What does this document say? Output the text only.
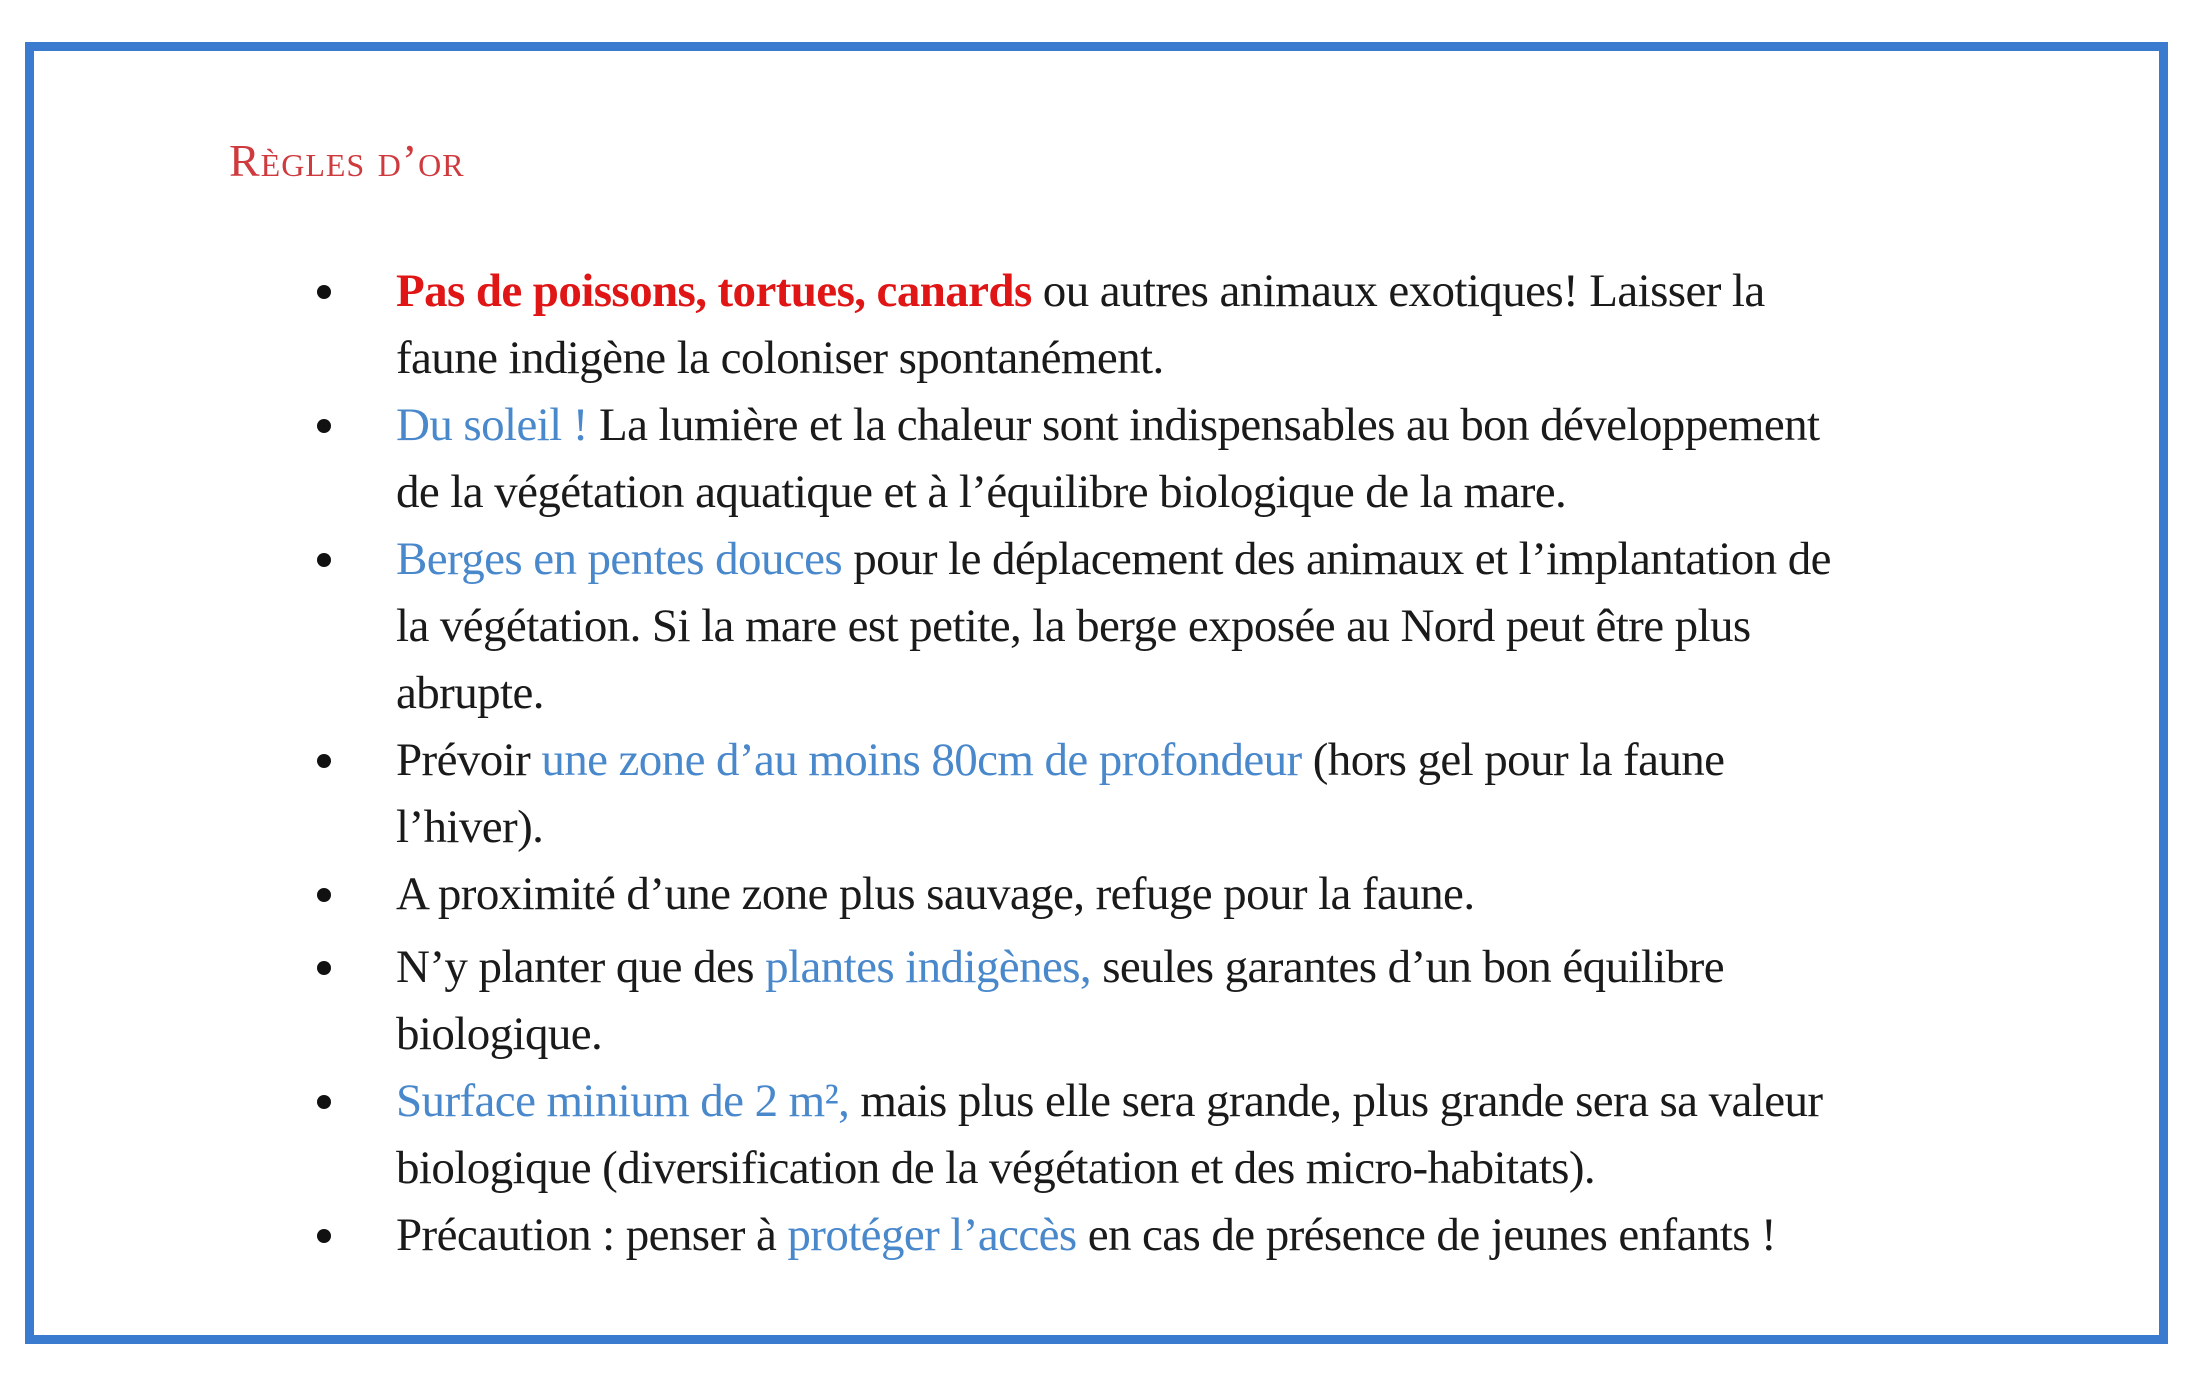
Règles d’or
Pas de poissons, tortues, canards ou autres animaux exotiques! Laisser la
faune indigène la coloniser spontanément.
Du soleil ! La lumière et la chaleur sont indispensables au bon développement
de la végétation aquatique et à l’équilibre biologique de la mare.
Berges en pentes douces pour le déplacement des animaux et l’implantation de
la végétation. Si la mare est petite, la berge exposée au Nord peut être plus
abrupte.
Prévoir une zone d’au moins 80cm de profondeur (hors gel pour la faune
l’hiver).
A proximité d’une zone plus sauvage, refuge pour la faune.
N’y planter que des plantes indigènes, seules garantes d’un bon équilibre
biologique.
Surface minium de 2 m², mais plus elle sera grande, plus grande sera sa valeur
biologique (diversification de la végétation et des micro-habitats).
Précaution : penser à protéger l’accès en cas de présence de jeunes enfants !
